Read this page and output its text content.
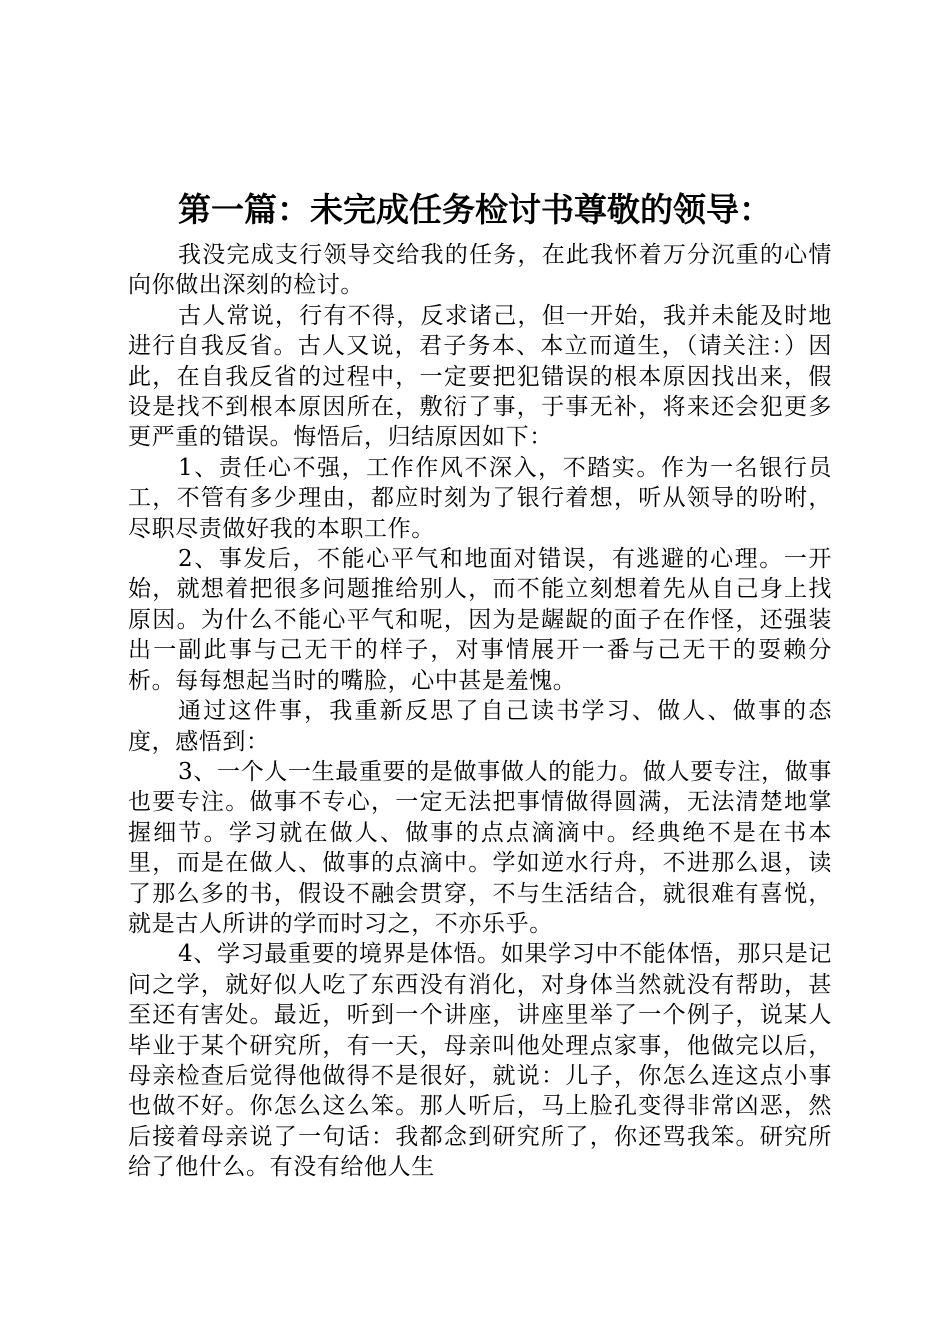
第一篇：未完成任务检讨书尊敬的领导：

我没完成支行领导交给我的任务，在此我怀着万分沉重的心情向你做出深刻的检讨。

古人常说，行有不得，反求诸己，但一开始，我并未能及时地进行自我反省。古人又说，君子务本、本立而道生，（请关注：）因此，在自我反省的过程中，一定要把犯错误的根本原因找出来，假设是找不到根本原因所在，敷衍了事，于事无补，将来还会犯更多更严重的错误。悔悟后，归结原因如下：

1、责任心不强，工作作风不深入，不踏实。作为一名银行员工，不管有多少理由，都应时刻为了银行着想，听从领导的吩咐，尽职尽责做好我的本职工作。

2、事发后，不能心平气和地面对错误，有逃避的心理。一开始，就想着把很多问题推给别人，而不能立刻想着先从自己身上找原因。为什么不能心平气和呢，因为是龌龊的面子在作怪，还强装出一副此事与己无干的样子，对事情展开一番与己无干的耍赖分析。每每想起当时的嘴脸，心中甚是羞愧。

通过这件事，我重新反思了自己读书学习、做人、做事的态度，感悟到：

3、一个人一生最重要的是做事做人的能力。做人要专注，做事也要专注。做事不专心，一定无法把事情做得圆满，无法清楚地掌握细节。学习就在做人、做事的点点滴滴中。经典绝不是在书本里，而是在做人、做事的点滴中。学如逆水行舟，不进那么退，读了那么多的书，假设不融会贯穿，不与生活结合，就很难有喜悦，就是古人所讲的学而时习之，不亦乐乎。

4、学习最重要的境界是体悟。如果学习中不能体悟，那只是记问之学，就好似人吃了东西没有消化，对身体当然就没有帮助，甚至还有害处。最近，听到一个讲座，讲座里举了一个例子，说某人毕业于某个研究所，有一天，母亲叫他处理点家事，他做完以后，母亲检查后觉得他做得不是很好，就说：儿子，你怎么连这点小事也做不好。你怎么这么笨。那人听后，马上脸孔变得非常凶恶，然后接着母亲说了一句话：我都念到研究所了，你还骂我笨。研究所给了他什么。有没有给他人生
